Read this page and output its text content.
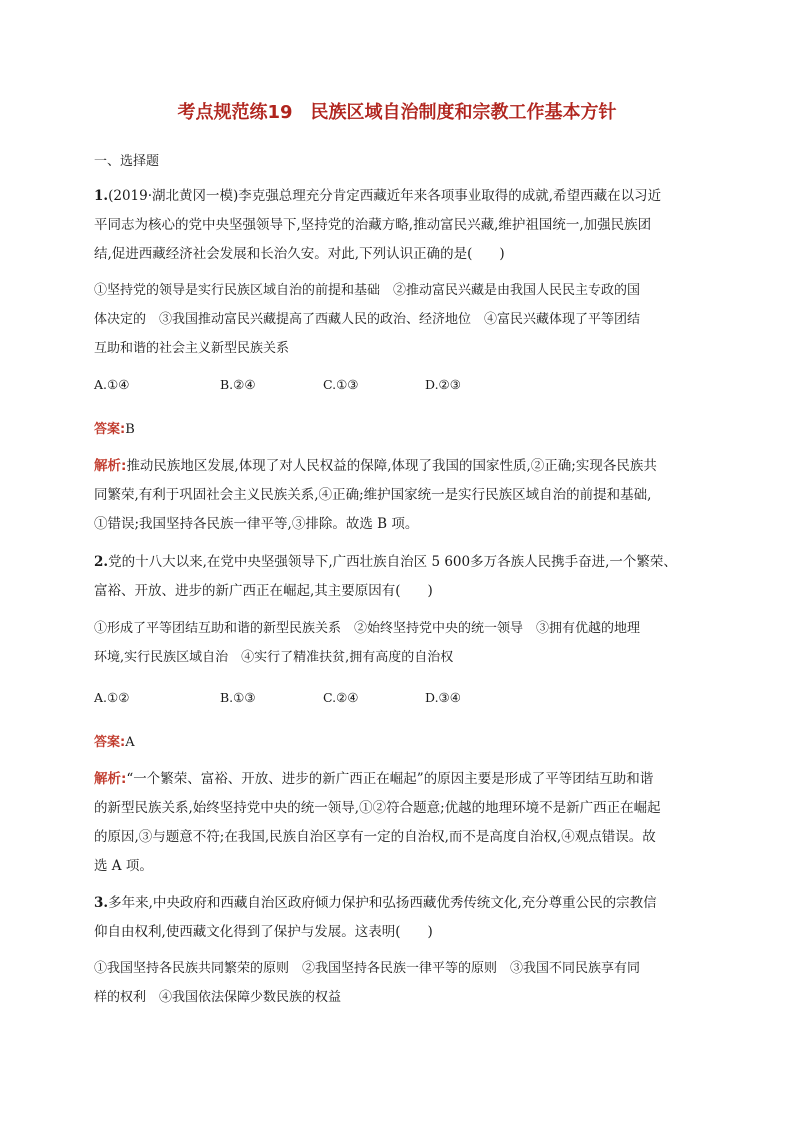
考点规范练19　民族区域自治制度和宗教工作基本方针
一、选择题
1.(2019·湖北黄冈一模)李克强总理充分肯定西藏近年来各项事业取得的成就,希望西藏在以习近
平同志为核心的党中央坚强领导下,坚持党的治藏方略,推动富民兴藏,维护祖国统一,加强民族团
结,促进西藏经济社会发展和长治久安。对此,下列认识正确的是(　　)
①坚持党的领导是实行民族区域自治的前提和基础　②推动富民兴藏是由我国人民民主专政的国
体决定的　③我国推动富民兴藏提高了西藏人民的政治、经济地位　④富民兴藏体现了平等团结
互助和谐的社会主义新型民族关系
A.①④	B.②④	C.①③	D.②③
答案:B
解析:推动民族地区发展,体现了对人民权益的保障,体现了我国的国家性质,②正确;实现各民族共
同繁荣,有利于巩固社会主义民族关系,④正确;维护国家统一是实行民族区域自治的前提和基础,
①错误;我国坚持各民族一律平等,③排除。故选 B 项。
2.党的十八大以来,在党中央坚强领导下,广西壮族自治区 5 600多万各族人民携手奋进,一个繁荣、
富裕、开放、进步的新广西正在崛起,其主要原因有(　　)
①形成了平等团结互助和谐的新型民族关系　②始终坚持党中央的统一领导　③拥有优越的地理
环境,实行民族区域自治　④实行了精准扶贫,拥有高度的自治权
A.①②	B.①③	C.②④	D.③④
答案:A
解析:“一个繁荣、富裕、开放、进步的新广西正在崛起”的原因主要是形成了平等团结互助和谐
的新型民族关系,始终坚持党中央的统一领导,①②符合题意;优越的地理环境不是新广西正在崛起
的原因,③与题意不符;在我国,民族自治区享有一定的自治权,而不是高度自治权,④观点错误。故
选 A 项。
3.多年来,中央政府和西藏自治区政府倾力保护和弘扬西藏优秀传统文化,充分尊重公民的宗教信
仰自由权利,使西藏文化得到了保护与发展。这表明(　　)
①我国坚持各民族共同繁荣的原则　②我国坚持各民族一律平等的原则　③我国不同民族享有同
样的权利　④我国依法保障少数民族的权益
